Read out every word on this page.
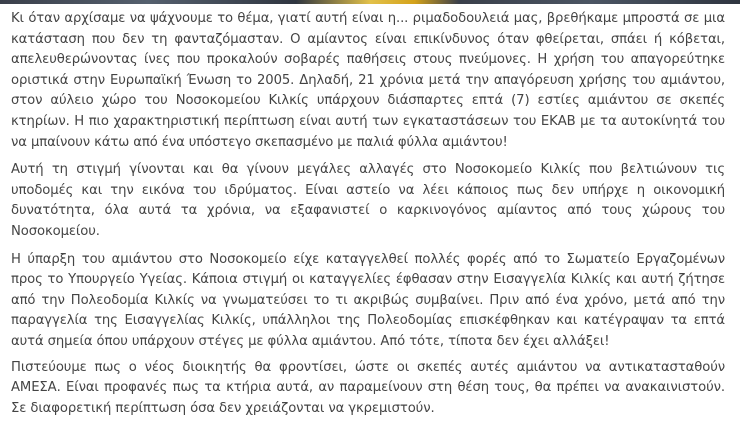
Κι όταν αρχίσαμε να ψάχνουμε το θέμα, γιατί αυτή είναι η... ριμαδοδουλειά μας, βρεθήκαμε μπροστά σε μια κατάσταση που δεν τη φανταζόμασταν. Ο αμίαντος είναι επικίνδυνος όταν φθείρεται, σπάει ή κόβεται, απελευθερώνοντας ίνες που προκαλούν σοβαρές παθήσεις στους πνεύμονες. Η χρήση του απαγορεύτηκε οριστικά στην Ευρωπαϊκή Ένωση το 2005. Δηλαδή, 21 χρόνια μετά την απαγόρευση χρήσης του αμιάντου, στον αύλειο χώρο του Νοσοκομείου Κιλκίς υπάρχουν διάσπαρτες επτά (7) εστίες αμιάντου σε σκεπές κτηρίων. Η πιο χαρακτηριστική περίπτωση είναι αυτή των εγκαταστάσεων του ΕΚΑΒ με τα αυτοκίνητά του να μπαίνουν κάτω από ένα υπόστεγο σκεπασμένο με παλιά φύλλα αμιάντου!

Αυτή τη στιγμή γίνονται και θα γίνουν μεγάλες αλλαγές στο Νοσοκομείο Κιλκίς που βελτιώνουν τις υποδομές και την εικόνα του ιδρύματος. Είναι αστείο να λέει κάποιος πως δεν υπήρχε η οικονομική δυνατότητα, όλα αυτά τα χρόνια, να εξαφανιστεί ο καρκινογόνος αμίαντος από τους χώρους του Νοσοκομείου.

Η ύπαρξη του αμιάντου στο Νοσοκομείο είχε καταγγελθεί πολλές φορές από το Σωματείο Εργαζομένων προς το Υπουργείο Υγείας. Κάποια στιγμή οι καταγγελίες έφθασαν στην Εισαγγελία Κιλκίς και αυτή ζήτησε από την Πολεοδομία Κιλκίς να γνωματεύσει το τι ακριβώς συμβαίνει. Πριν από ένα χρόνο, μετά από την παραγγελία της Εισαγγελίας Κιλκίς, υπάλληλοι της Πολεοδομίας επισκέφθηκαν και κατέγραψαν τα επτά αυτά σημεία όπου υπάρχουν στέγες με φύλλα αμιάντου. Από τότε, τίποτα δεν έχει αλλάξει!

Πιστεύουμε πως ο νέος διοικητής θα φροντίσει, ώστε οι σκεπές αυτές αμιάντου να αντικατασταθούν ΑΜΕΣΑ. Είναι προφανές πως τα κτήρια αυτά, αν παραμείνουν στη θέση τους, θα πρέπει να ανακαινιστούν. Σε διαφορετική περίπτωση όσα δεν χρειάζονται να γκρεμιστούν.
